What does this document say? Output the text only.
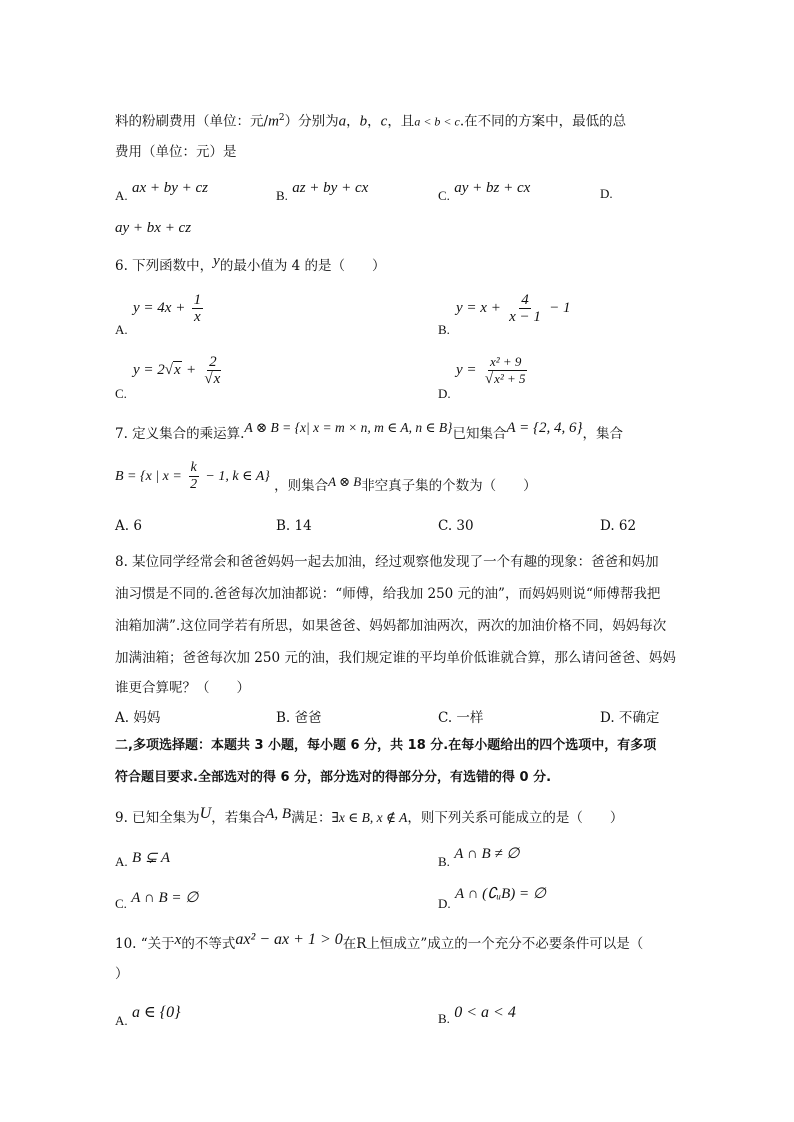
料的粉刷费用（单位：元$/m^2$）分别为a，b，c，且a < b < c.在不同的方案中，最低的总
费用（单位：元）是
A. ax + by + cz	B. az + by + cx	C. ay + bz + cx	D.
ay + bx + cz
6. 下列函数中，y的最小值为 4 的是（　　）
A.
$y = 4x + \frac{1}{x}$
B.
$y = x + \frac{4}{x - 1} - 1$
C.
$y = 2√x + \frac{2}{√x}$
D.
$y = \frac{\text{x² + 9}}{\text{√x² + 5}}$
7. 定义集合的乘运算.A ⊗ B = {x| x = m × n, m ∈ A, n ∈ B}已知集合A = {2, 4, 6}，集合
B = {x | $x = \frac{k}{2} - 1$, k ∈ A} ，则集合A ⊗ B非空真子集的个数为（　　）
A. 6	B. 14	C. 30	D. 62
8. 某位同学经常会和爸爸妈妈一起去加油，经过观察他发现了一个有趣的现象：爸爸和妈加
油习惯是不同的.爸爸每次加油都说：“师傅，给我加 250 元的油”，而妈妈则说“师傅帮我把
油箱加满”.这位同学若有所思，如果爸爸、妈妈都加油两次，两次的加油价格不同，妈妈每次
加满油箱；爸爸每次加 250 元的油，我们规定谁的平均单价低谁就合算，那么请问爸爸、妈妈
谁更合算呢？（　　）
A. 妈妈	B. 爸爸	C. 一样	D. 不确定
二,多项选择题：本题共 3 小题，每小题 6 分，共 18 分.在每小题给出的四个选项中，有多项
符合题目要求.全部选对的得 6 分，部分选对的得部分分，有选错的得 0 分.
9. 已知全集为U，若集合A, B满足：∃x ∈ B, x ∉ A，则下列关系可能成立的是（　　）
A. B ⊊ A	B. A ∩ B ≠ ∅
C. A ∩ B = ∅	D. A ∩ (∁ᵤB) = ∅
10. “关于x的不等式ax² − ax + 1 > 0在R上恒成立”成立的一个充分不必要条件可以是（
）
A. a ∈ {0}	B. 0 < a < 4
